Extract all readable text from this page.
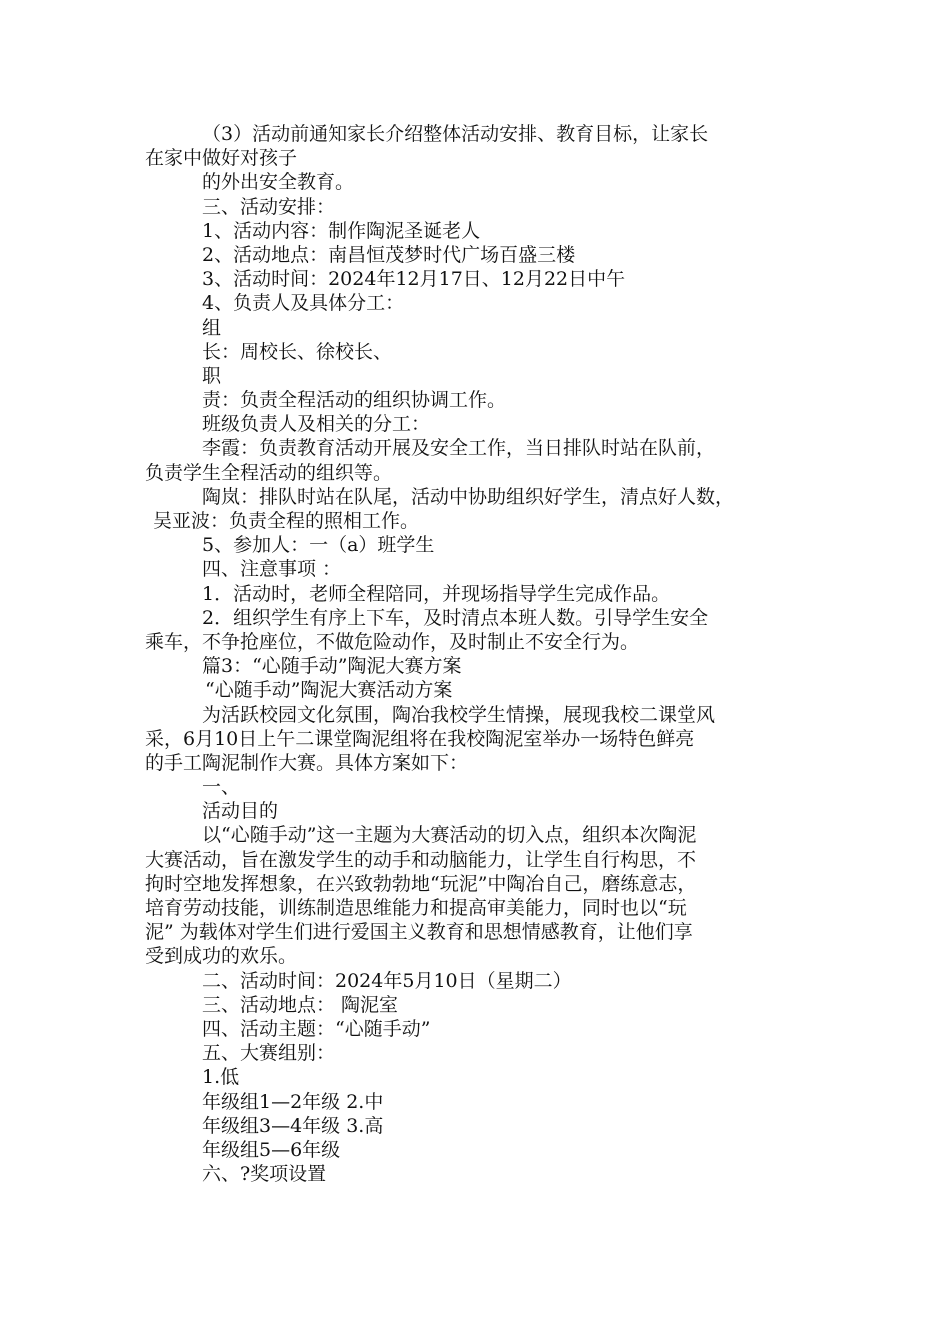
（3）活动前通知家长介绍整体活动安排、教育目标，让家长
在家中做好对孩子
的外出安全教育。
三、活动安排：
1、活动内容：制作陶泥圣诞老人
2、活动地点：南昌恒茂梦时代广场百盛三楼
3、活动时间：2024年12月17日、12月22日中午
4、负责人及具体分工：
组
长：周校长、徐校长、
职
责：负责全程活动的组织协调工作。
班级负责人及相关的分工：
李霞：负责教育活动开展及安全工作，当日排队时站在队前，
负责学生全程活动的组织等。
陶岚：排队时站在队尾，活动中协助组织好学生，清点好人数，
吴亚波：负责全程的照相工作。
5、参加人：一（a）班学生
四、注意事项 ：
1．活动时，老师全程陪同，并现场指导学生完成作品。
2．组织学生有序上下车，及时清点本班人数。引导学生安全
乘车，不争抢座位，不做危险动作，及时制止不安全行为。
篇3：“心随手动”陶泥大赛方案
“心随手动”陶泥大赛活动方案
为活跃校园文化氛围，陶冶我校学生情操，展现我校二课堂风
采，6月10日上午二课堂陶泥组将在我校陶泥室举办一场特色鲜亮
的手工陶泥制作大赛。具体方案如下：
一、
活动目的
以“心随手动”这一主题为大赛活动的切入点，组织本次陶泥
大赛活动，旨在激发学生的动手和动脑能力，让学生自行构思，不
拘时空地发挥想象，在兴致勃勃地“玩泥”中陶冶自己，磨练意志，
培育劳动技能，训练制造思维能力和提高审美能力，同时也以“玩
泥” 为载体对学生们进行爱国主义教育和思想情感教育，让他们享
受到成功的欢乐。
二、活动时间：2024年5月10日（星期二）
三、活动地点： 陶泥室
四、活动主题：“心随手动”
五、大赛组别：
1.低
年级组1—2年级 2.中
年级组3—4年级 3.高
年级组5—6年级
六、?奖项设置
